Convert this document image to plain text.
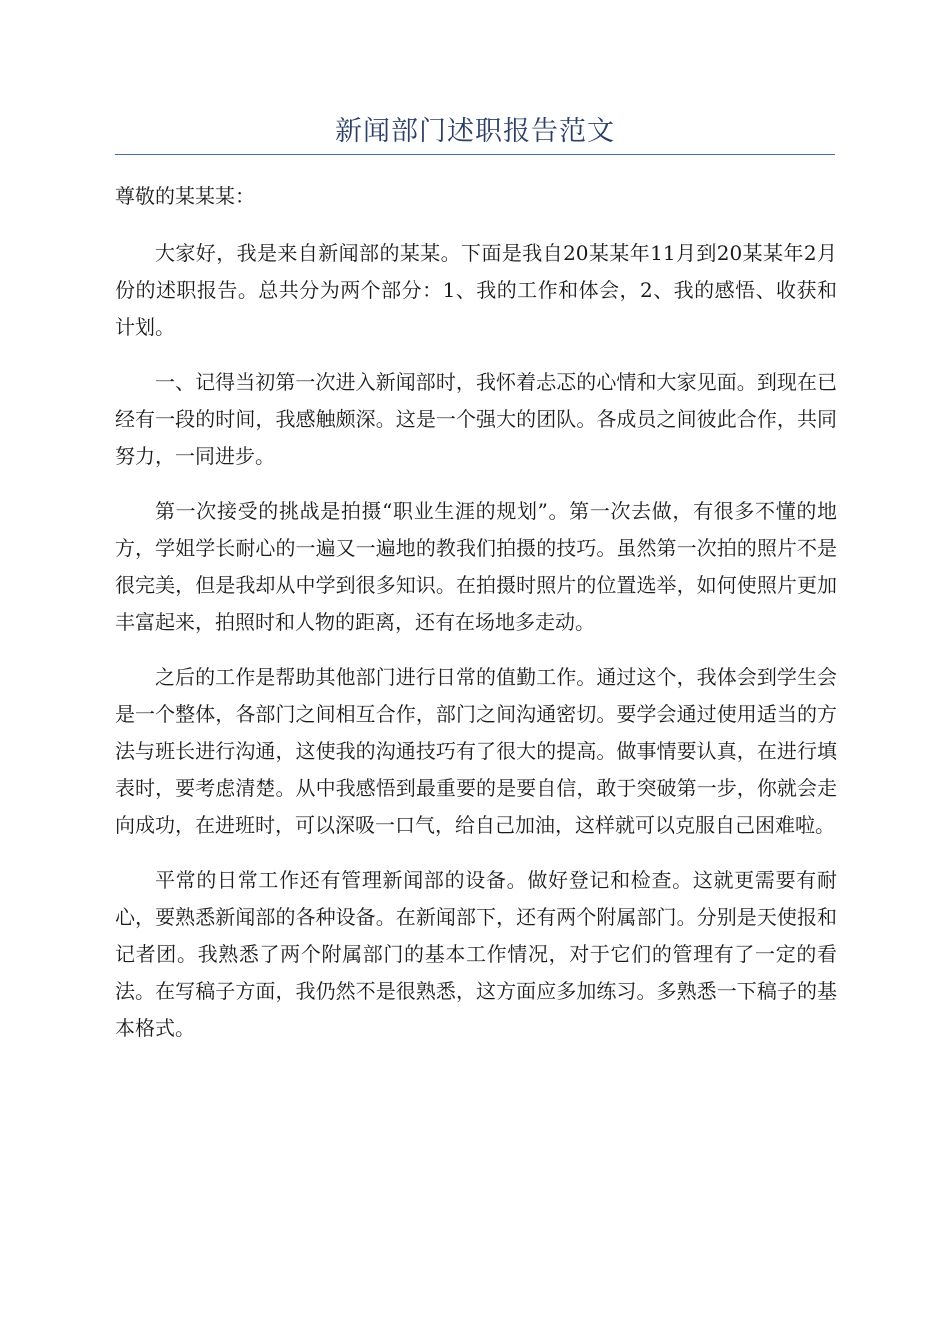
新闻部门述职报告范文

尊敬的某某某：

大家好，我是来自新闻部的某某。下面是我自20某某年11月到20某某年2月份的述职报告。总共分为两个部分：1、我的工作和体会，2、我的感悟、收获和计划。

一、记得当初第一次进入新闻部时，我怀着忐忑的心情和大家见面。到现在已经有一段的时间，我感触颇深。这是一个强大的团队。各成员之间彼此合作，共同努力，一同进步。

第一次接受的挑战是拍摄“职业生涯的规划”。第一次去做，有很多不懂的地方，学姐学长耐心的一遍又一遍地的教我们拍摄的技巧。虽然第一次拍的照片不是很完美，但是我却从中学到很多知识。在拍摄时照片的位置选举，如何使照片更加丰富起来，拍照时和人物的距离，还有在场地多走动。

之后的工作是帮助其他部门进行日常的值勤工作。通过这个，我体会到学生会是一个整体，各部门之间相互合作，部门之间沟通密切。要学会通过使用适当的方法与班长进行沟通，这使我的沟通技巧有了很大的提高。做事情要认真，在进行填表时，要考虑清楚。从中我感悟到最重要的是要自信，敢于突破第一步，你就会走向成功，在进班时，可以深吸一口气，给自己加油，这样就可以克服自己困难啦。

平常的日常工作还有管理新闻部的设备。做好登记和检查。这就更需要有耐心，要熟悉新闻部的各种设备。在新闻部下，还有两个附属部门。分别是天使报和记者团。我熟悉了两个附属部门的基本工作情况，对于它们的管理有了一定的看法。在写稿子方面，我仍然不是很熟悉，这方面应多加练习。多熟悉一下稿子的基本格式。
